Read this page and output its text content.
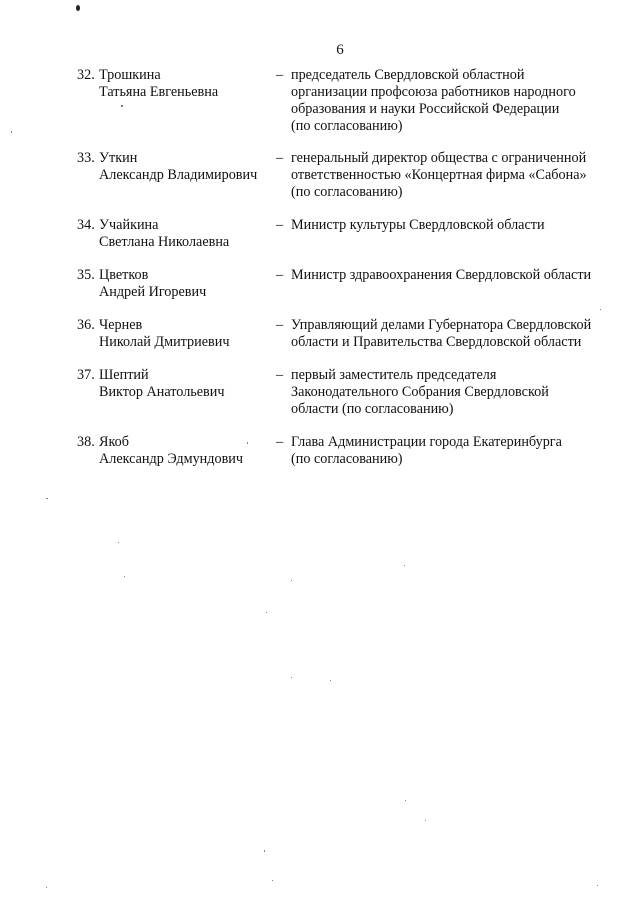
6
32. Трошкина
Татьяна Евгеньевна
– председатель Свердловской областной
организации профсоюза работников народного
образования и науки Российской Федерации
(по согласованию)
33. Уткин
Александр Владимирович
– генеральный директор общества с ограниченной
ответственностью «Концертная фирма «Сабона»
(по согласованию)
34. Учайкина
Светлана Николаевна
– Министр культуры Свердловской области
35. Цветков
Андрей Игоревич
– Министр здравоохранения Свердловской области
36. Чернев
Николай Дмитриевич
– Управляющий делами Губернатора Свердловской
области и Правительства Свердловской области
37. Шептий
Виктор Анатольевич
– первый заместитель председателя
Законодательного Собрания Свердловской
области (по согласованию)
38. Якоб
Александр Эдмундович
– Глава Администрации города Екатеринбурга
(по согласованию)
